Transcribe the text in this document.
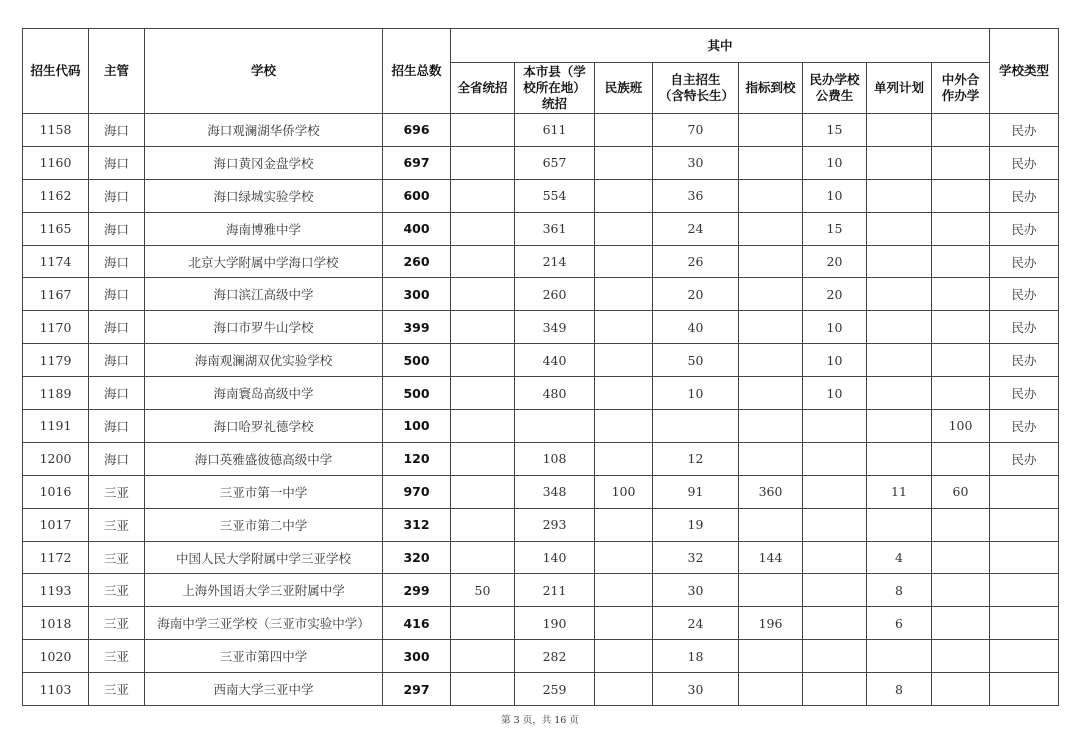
招生代码	主管	学校	招生总数	其中								学校类型
				全省统招	本市县（学校所在地）统招	民族班	自主招生（含特长生）	指标到校	民办学校公费生	单列计划	中外合作办学	
1158	海口	海口观澜湖华侨学校	696		611		70		15			民办
1160	海口	海口黄冈金盘学校	697		657		30		10			民办
1162	海口	海口绿城实验学校	600		554		36		10			民办
1165	海口	海南博雅中学	400		361		24		15			民办
1174	海口	北京大学附属中学海口学校	260		214		26		20			民办
1167	海口	海口滨江高级中学	300		260		20		20			民办
1170	海口	海口市罗牛山学校	399		349		40		10			民办
1179	海口	海南观澜湖双优实验学校	500		440		50		10			民办
1189	海口	海南寰岛高级中学	500		480		10		10			民办
1191	海口	海口哈罗礼德学校	100								100	民办
1200	海口	海口英雅盛彼德高级中学	120		108		12					民办
1016	三亚	三亚市第一中学	970		348	100	91	360		11	60	
1017	三亚	三亚市第二中学	312		293		19					
1172	三亚	中国人民大学附属中学三亚学校	320		140		32	144		4		
1193	三亚	上海外国语大学三亚附属中学	299	50	211		30			8		
1018	三亚	海南中学三亚学校（三亚市实验中学）	416		190		24	196		6		
1020	三亚	三亚市第四中学	300		282		18					
1103	三亚	西南大学三亚中学	297		259		30			8		
第 3 页，共 16 页
